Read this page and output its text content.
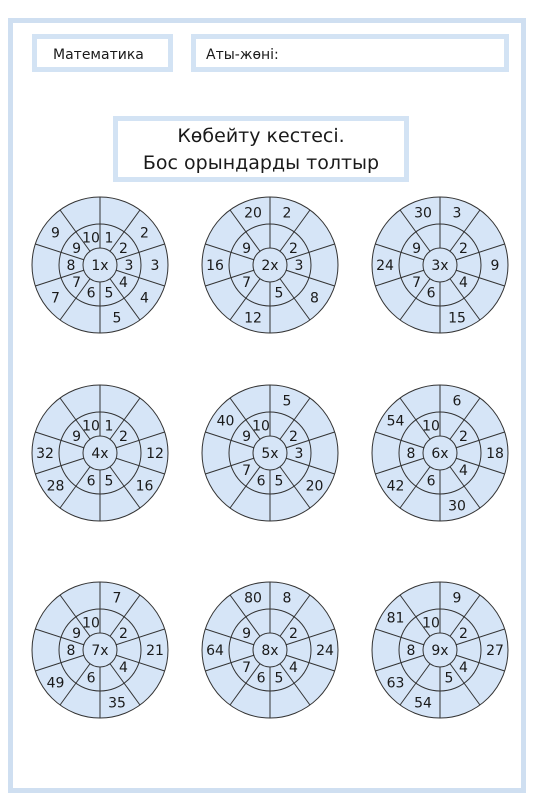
Математика	Аты-жөні:
Көбейту кестесі.
Бос орындарды толтыр
1x
1
2
3
4
5
6
7
8
9
10	2
3
4
5
7
9
2x
2
3
5
7
9
2
8
12
16
20
3x
2
4
6
7
9
3
9
15
24
30
4x
1
2
5
6
9
10
12
16
28
32	5x
2
3
5
6
7
9
10
5
20
40
6x
2
4
6
8
10
6
18
30
42
54
7x
2
4
6
8
9
10
7
21
35
49
8x
2
4
5
6
7
9
8
24
64
80
9x
2
4
5
8
10
9
27
54
63
81
